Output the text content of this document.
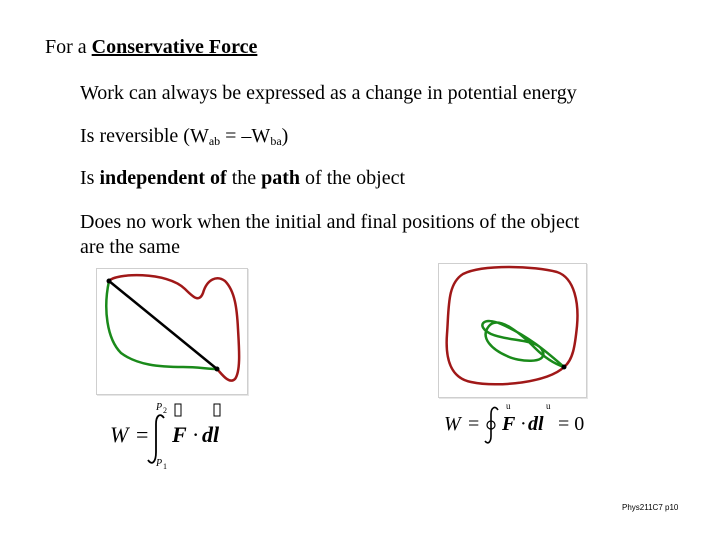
For a Conservative Force
Work can always be expressed as a change in potential energy
Is reversible $(W_{ab} = -W_{ba})$
Is independent of the path of the object
Does no work when the initial and final positions of the object
are the same
W =
P 2
P 1
F · dl	W = F
u
· dl
u
= 0
Phys211C7 p10
